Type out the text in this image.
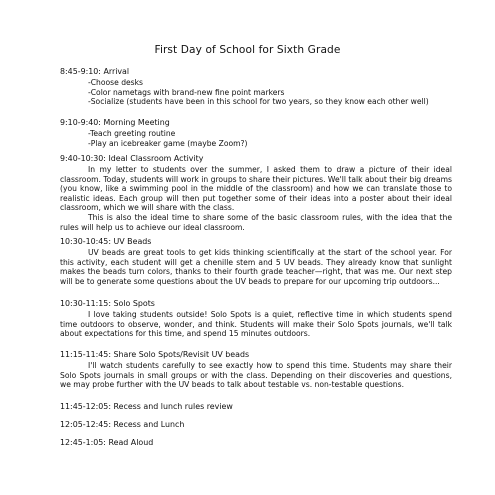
First Day of School for Sixth Grade
8:45-9:10: Arrival
-Choose desks
-Color nametags with brand-new fine point markers
-Socialize (students have been in this school for two years, so they know each other well)
9:10-9:40: Morning Meeting
-Teach greeting routine
-Play an icebreaker game (maybe Zoom?)
9:40-10:30: Ideal Classroom Activity
In my letter to students over the summer, I asked them to draw a picture of their ideal classroom. Today, students will work in groups to share their pictures. We'll talk about their big dreams (you know, like a swimming pool in the middle of the classroom) and how we can translate those to realistic ideas. Each group will then put together some of their ideas into a poster about their ideal classroom, which we will share with the class.
This is also the ideal time to share some of the basic classroom rules, with the idea that the rules will help us to achieve our ideal classroom.
10:30-10:45: UV Beads
UV beads are great tools to get kids thinking scientifically at the start of the school year. For this activity, each student will get a chenille stem and 5 UV beads. They already know that sunlight makes the beads turn colors, thanks to their fourth grade teacher—right, that was me. Our next step will be to generate some questions about the UV beads to prepare for our upcoming trip outdoors...
10:30-11:15: Solo Spots
I love taking students outside! Solo Spots is a quiet, reflective time in which students spend time outdoors to observe, wonder, and think. Students will make their Solo Spots journals, we'll talk about expectations for this time, and spend 15 minutes outdoors.
11:15-11:45: Share Solo Spots/Revisit UV beads
I'll watch students carefully to see exactly how to spend this time. Students may share their Solo Spots journals in small groups or with the class. Depending on their discoveries and questions, we may probe further with the UV beads to talk about testable vs. non-testable questions.
11:45-12:05: Recess and lunch rules review
12:05-12:45: Recess and Lunch
12:45-1:05: Read Aloud
